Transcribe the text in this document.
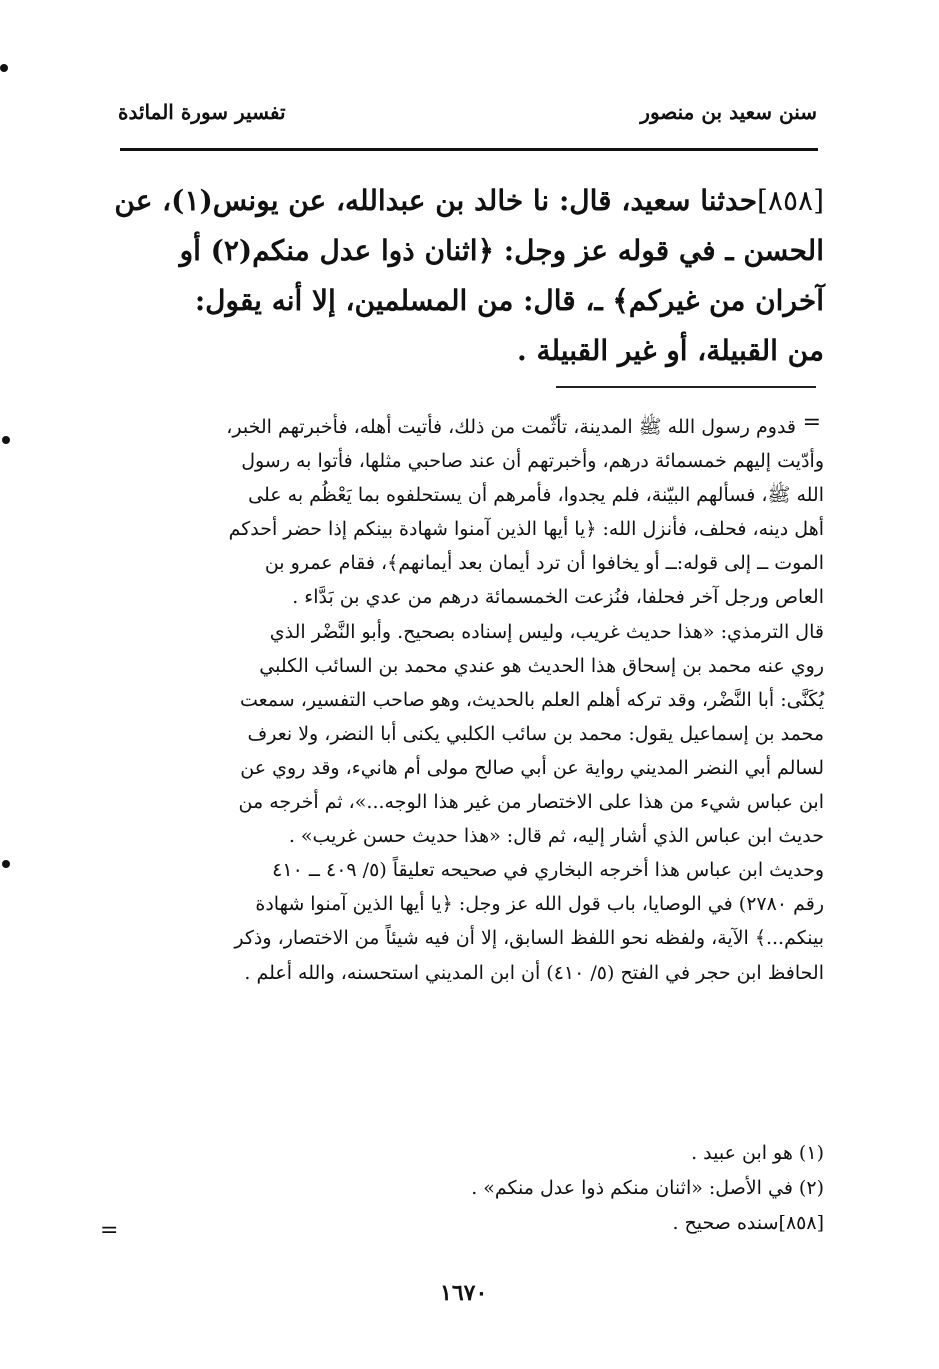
سنن سعيد بن منصور
تفسير سورة المائدة

[٨٥٨]حدثنا سعيد، قال: نا خالد بن عبدالله، عن يونس(١)، عن

الحسن ـ في قوله عز وجل: ﴿اثنان ذوا عدل منكم(٢) أو

آخران من غيركم﴾ ـ، قال: من المسلمين، إلا أنه يقول:

من القبيلة، أو غير القبيلة .

=

قدوم رسول الله ﷺ المدينة، تأثّمت من ذلك، فأتيت أهله، فأخبرتهم الخبر،

وأدّيت إليهم خمسمائة درهم، وأخبرتهم أن عند صاحبي مثلها، فأتوا به رسول

الله ﷺ، فسألهم البيّنة، فلم يجدوا، فأمرهم أن يستحلفوه بما يَعْظُم به على

أهل دينه، فحلف، فأنزل الله: ﴿يا أيها الذين آمنوا شهادة بينكم إذا حضر أحدكم

الموت ــ إلى قوله:ــ أو يخافوا أن ترد أيمان بعد أيمانهم﴾، فقام عمرو بن

العاص ورجل آخر فحلفا، فنُزعت الخمسمائة درهم من عدي بن بَدَّاء .

قال الترمذي: «هذا حديث غريب، وليس إسناده بصحيح. وأبو النَّضْر الذي

روي عنه محمد بن إسحاق هذا الحديث هو عندي محمد بن السائب الكلبي

يُكَنَّى: أبا النَّضْر، وقد تركه أهلم العلم بالحديث، وهو صاحب التفسير، سمعت

محمد بن إسماعيل يقول: محمد بن سائب الكلبي يكنى أبا النضر، ولا نعرف

لسالم أبي النضر المديني رواية عن أبي صالح مولى أم هانيء، وقد روي عن

ابن عباس شيء من هذا على الاختصار من غير هذا الوجه...»، ثم أخرجه من

حديث ابن عباس الذي أشار إليه، ثم قال: «هذا حديث حسن غريب» .

وحديث ابن عباس هذا أخرجه البخاري في صحيحه تعليقاً (٥/ ٤٠٩ ــ ٤١٠

رقم ٢٧٨٠) في الوصايا، باب قول الله عز وجل: ﴿يا أيها الذين آمنوا شهادة

بينكم...﴾ الآية، ولفظه نحو اللفظ السابق، إلا أن فيه شيئاً من الاختصار، وذكر

الحافظ ابن حجر في الفتح (٥/ ٤١٠) أن ابن المديني استحسنه، والله أعلم .

(١) هو ابن عبيد .

(٢) في الأصل: «اثنان منكم ذوا عدل منكم» .

[٨٥٨]سنده صحيح .

=
١٦٧٠
